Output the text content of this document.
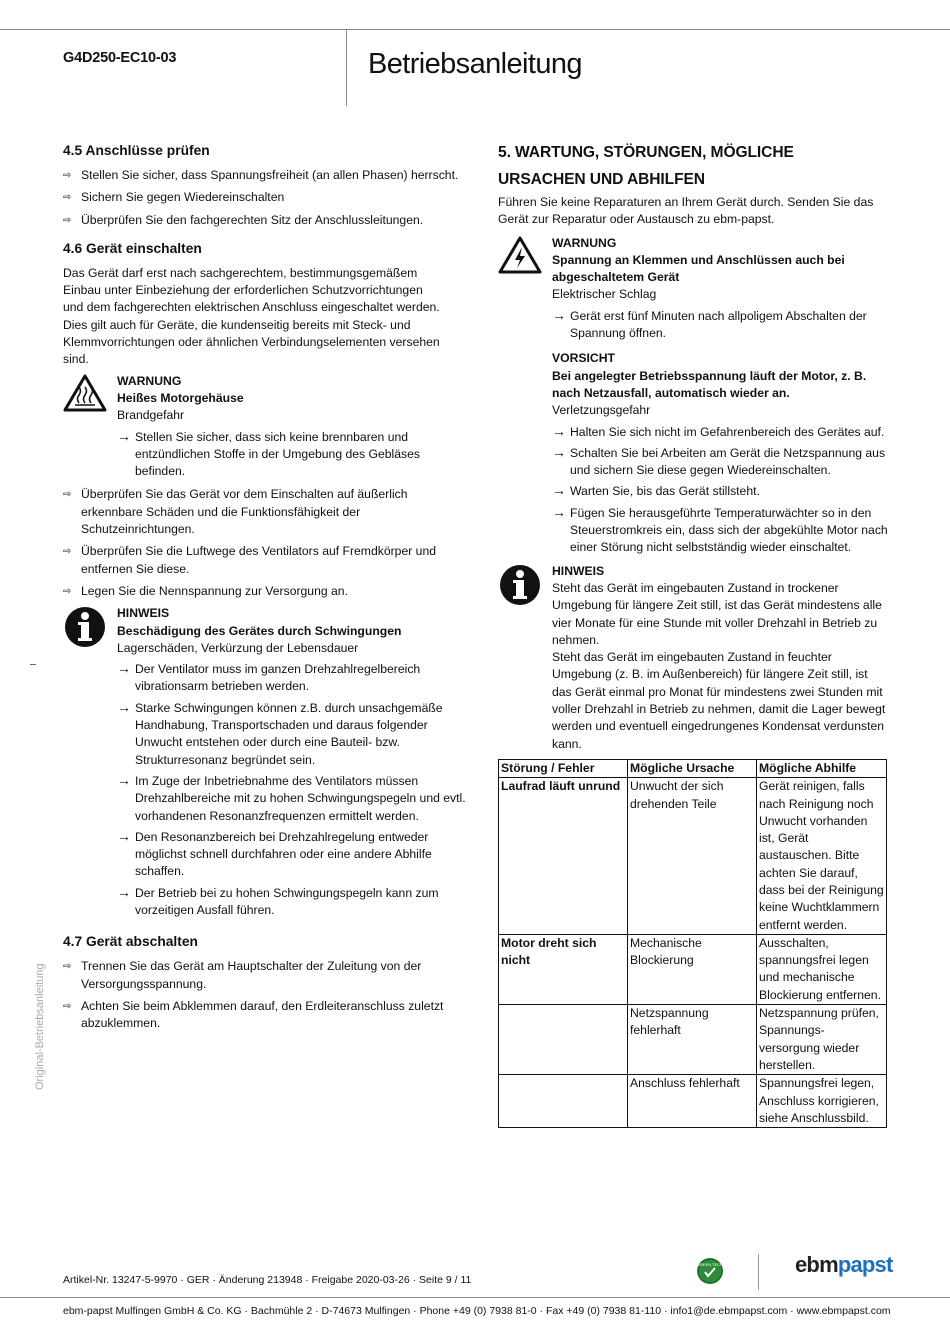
G4D250-EC10-03	Betriebsanleitung
Original-Betriebsanleitung
4.5 Anschlüsse prüfen
⇨ Stellen Sie sicher, dass Spannungsfreiheit (an allen Phasen) herrscht.
⇨ Sichern Sie gegen Wiedereinschalten
⇨ Überprüfen Sie den fachgerechten Sitz der Anschlussleitungen.
4.6 Gerät einschalten

Das Gerät darf erst nach sachgerechtem, bestimmungsgemäßem Einbau unter Einbeziehung der erforderlichen Schutzvorrichtungen und dem fachgerechten elektrischen Anschluss eingeschaltet werden. Dies gilt auch für Geräte, die kundenseitig bereits mit Steck- und Klemmvorrichtungen oder ähnlichen Verbindungselementen versehen sind.

WARNUNG
Heißes Motorgehäuse
Brandgefahr
→ Stellen Sie sicher, dass sich keine brennbaren und entzündlichen Stoffe in der Umgebung des Gebläses befinden.
⇨ Überprüfen Sie das Gerät vor dem Einschalten auf äußerlich erkennbare Schäden und die Funktionsfähigkeit der Schutzeinrichtungen.
⇨ Überprüfen Sie die Luftwege des Ventilators auf Fremdkörper und entfernen Sie diese.
⇨ Legen Sie die Nennspannung zur Versorgung an.
HINWEIS
Beschädigung des Gerätes durch Schwingungen
Lagerschäden, Verkürzung der Lebensdauer
→ Der Ventilator muss im ganzen Drehzahlregelbereich vibrationsarm betrieben werden.
→ Starke Schwingungen können z.B. durch unsachgemäße Handhabung, Transportschaden und daraus folgender Unwucht entstehen oder durch eine Bauteil- bzw. Strukturresonanz begründet sein.
→ Im Zuge der Inbetriebnahme des Ventilators müssen Drehzahlbereiche mit zu hohen Schwingungspegeln und evtl. vorhandenen Resonanzfrequenzen ermittelt werden.
→ Den Resonanzbereich bei Drehzahlregelung entweder möglichst schnell durchfahren oder eine andere Abhilfe schaffen.
→ Der Betrieb bei zu hohen Schwingungspegeln kann zum vorzeitigen Ausfall führen.
4.7 Gerät abschalten
⇨ Trennen Sie das Gerät am Hauptschalter der Zuleitung von der Versorgungsspannung.
⇨ Achten Sie beim Abklemmen darauf, den Erdleiteranschluss zuletzt abzuklemmen.
5. WARTUNG, STÖRUNGEN, MÖGLICHE
URSACHEN UND ABHILFEN

Führen Sie keine Reparaturen an Ihrem Gerät durch. Senden Sie das Gerät zur Reparatur oder Austausch zu ebm-papst.

WARNUNG
Spannung an Klemmen und Anschlüssen auch bei abgeschaltetem Gerät
Elektrischer Schlag
→ Gerät erst fünf Minuten nach allpoligem Abschalten der Spannung öffnen.
VORSICHT
Bei angelegter Betriebsspannung läuft der Motor, z. B. nach Netzausfall, automatisch wieder an.
Verletzungsgefahr
→ Halten Sie sich nicht im Gefahrenbereich des Gerätes auf.
→ Schalten Sie bei Arbeiten am Gerät die Netzspannung aus und sichern Sie diese gegen Wiedereinschalten.
→ Warten Sie, bis das Gerät stillsteht.
→ Fügen Sie herausgeführte Temperaturwächter so in den Steuerstromkreis ein, dass sich der abgekühlte Motor nach einer Störung nicht selbstständig wieder einschaltet.
HINWEIS
Steht das Gerät im eingebauten Zustand in trockener Umgebung für längere Zeit still, ist das Gerät mindestens alle vier Monate für eine Stunde mit voller Drehzahl in Betrieb zu nehmen.
Steht das Gerät im eingebauten Zustand in feuchter Umgebung (z. B. im Außenbereich) für längere Zeit still, ist das Gerät einmal pro Monat für mindestens zwei Stunden mit voller Drehzahl in Betrieb zu nehmen, damit die Lager bewegt werden und eventuell eingedrungenes Kondensat verdunsten kann.
Störung / Fehler	Mögliche Ursache	Mögliche Abhilfe
Laufrad läuft unrund	Unwucht der sich drehenden Teile	Gerät reinigen, falls nach Reinigung noch Unwucht vorhanden ist, Gerät austauschen. Bitte achten Sie darauf, dass bei der Reinigung keine Wuchtklammern entfernt werden.
Motor dreht sich nicht	Mechanische Blockierung	Ausschalten, spannungsfrei legen und mechanische Blockierung entfernen.
	Netzspannung fehlerhaft	Netzspannung prüfen, Spannungs-versorgung wieder herstellen.
	Anschluss fehlerhaft	Spannungsfrei legen, Anschluss korrigieren, siehe Anschlussbild.
Artikel-Nr. 13247-5-9970 · GER · Änderung 213948 · Freigabe 2020-03-26 · Seite 9 / 11
GREEN TECH	ebmpapst
ebm-papst Mulfingen GmbH & Co. KG · Bachmühle 2 · D-74673 Mulfingen · Phone +49 (0) 7938 81-0 · Fax +49 (0) 7938 81-110 · info1@de.ebmpapst.com · www.ebmpapst.com
